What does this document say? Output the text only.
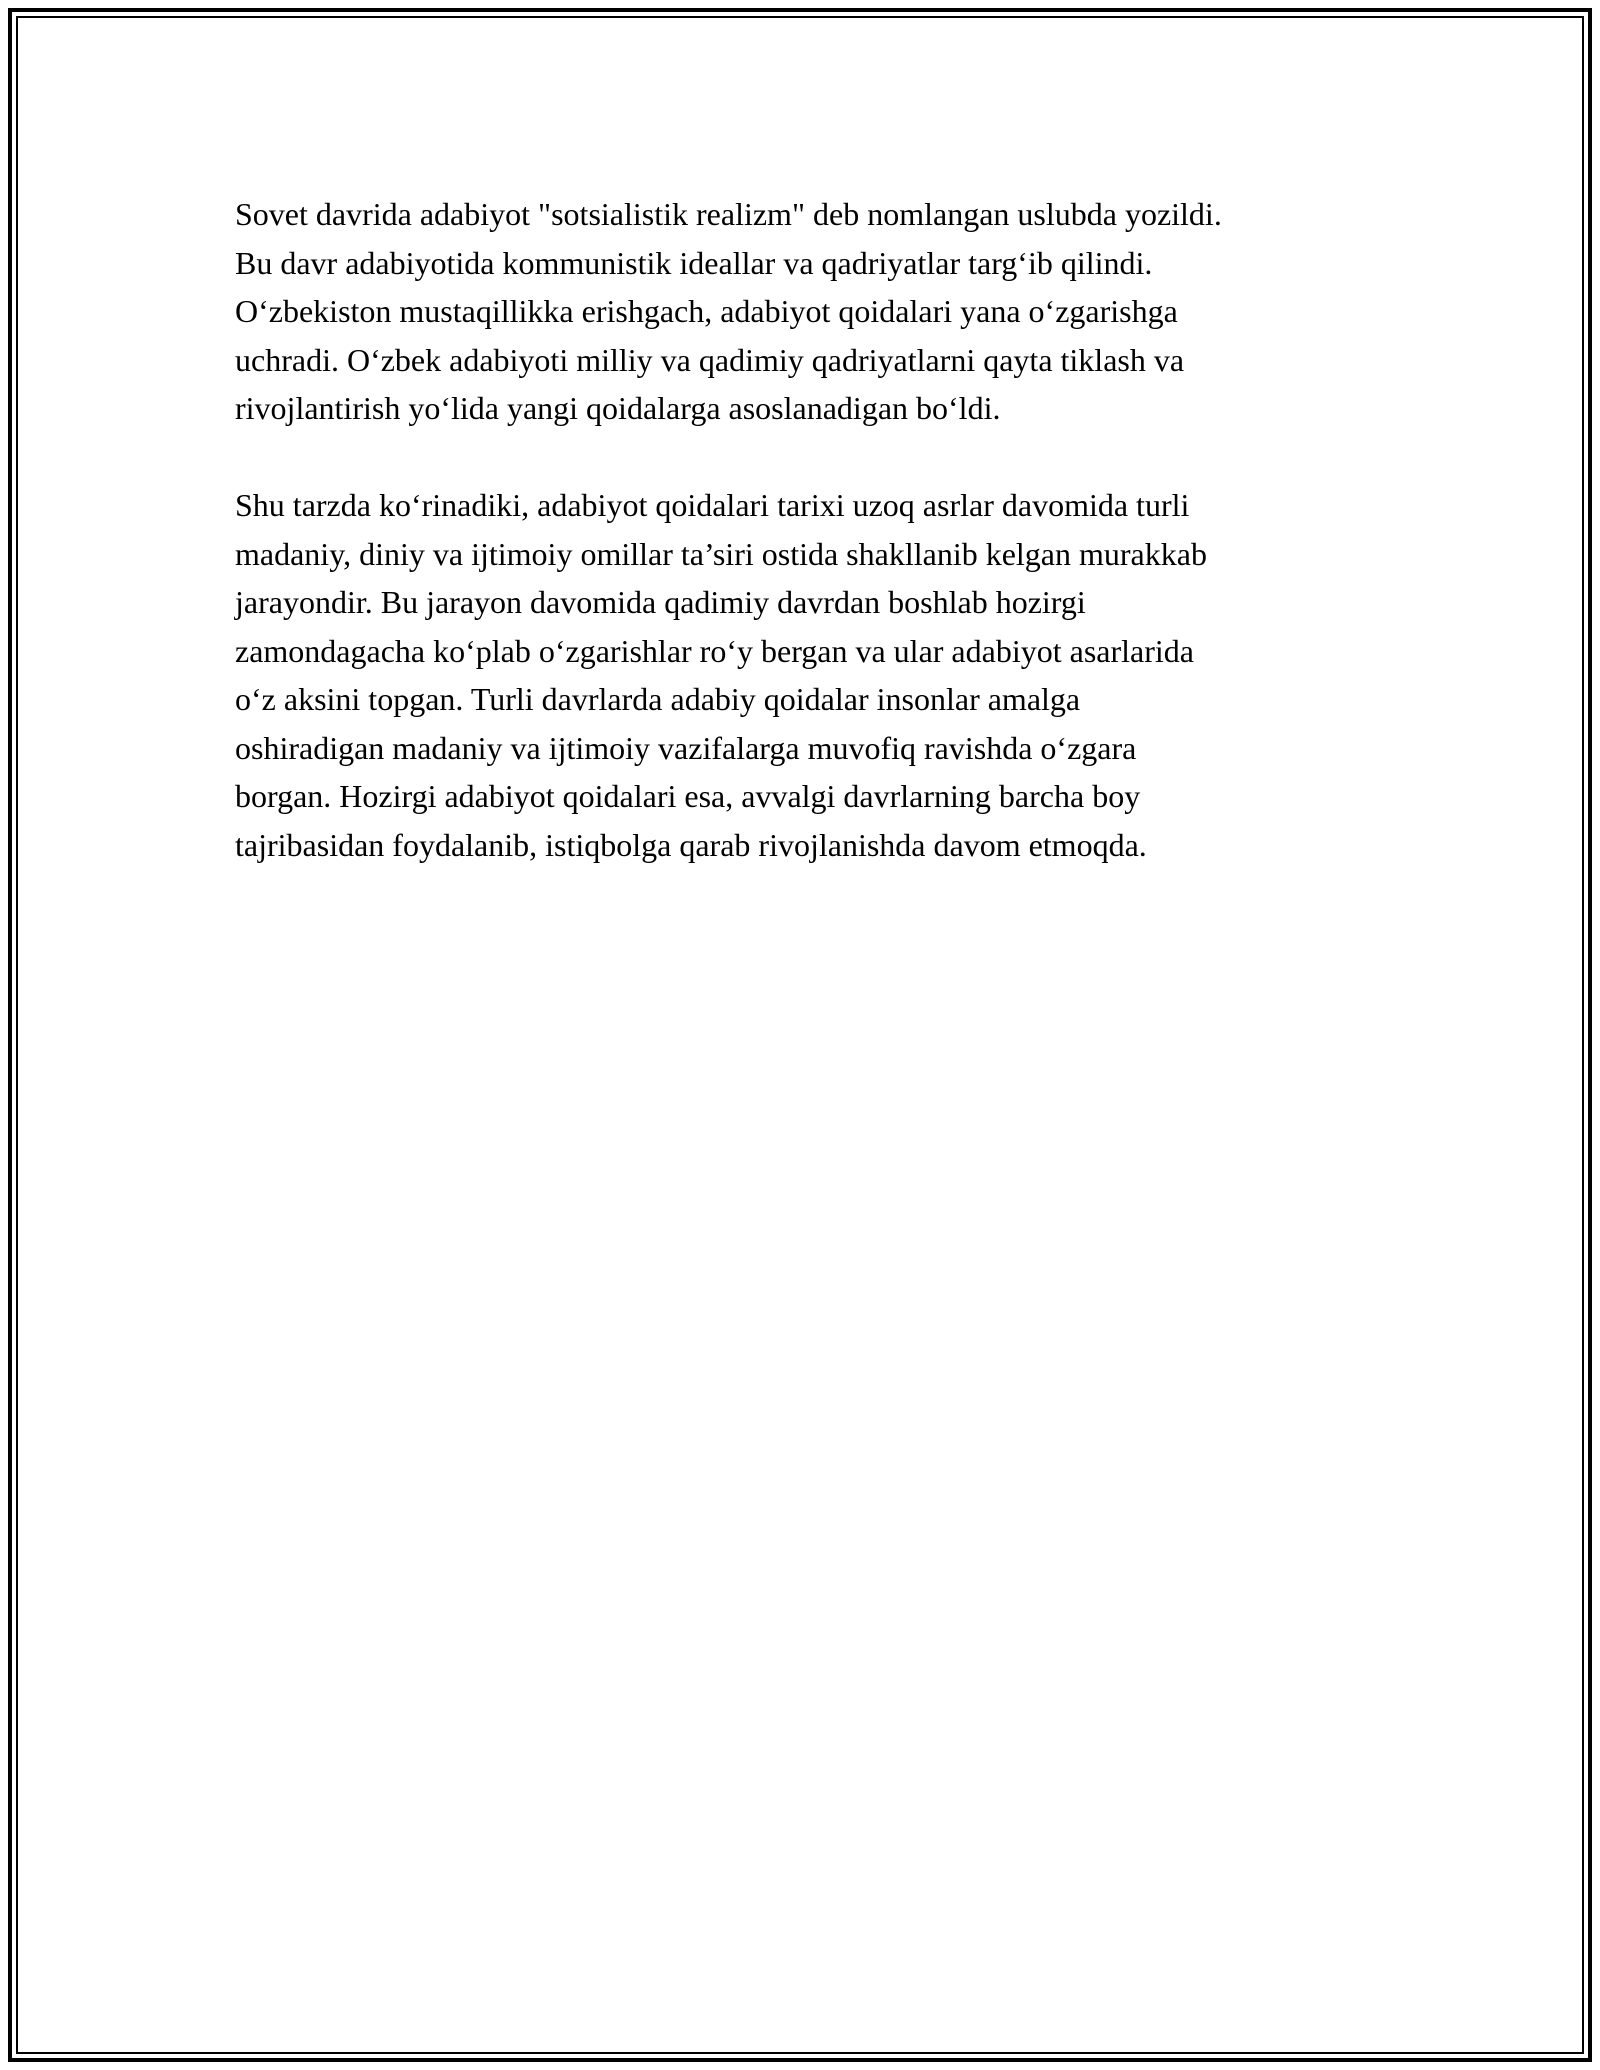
Sovet davrida adabiyot "sotsialistik realizm" deb nomlangan uslubda yozildi.
Bu davr adabiyotida kommunistik ideallar va qadriyatlar targ‘ib qilindi.
O‘zbekiston mustaqillikka erishgach, adabiyot qoidalari yana o‘zgarishga
uchradi. O‘zbek adabiyoti milliy va qadimiy qadriyatlarni qayta tiklash va
rivojlantirish yo‘lida yangi qoidalarga asoslanadigan bo‘ldi.

Shu tarzda ko‘rinadiki, adabiyot qoidalari tarixi uzoq asrlar davomida turli
madaniy, diniy va ijtimoiy omillar ta’siri ostida shakllanib kelgan murakkab
jarayondir. Bu jarayon davomida qadimiy davrdan boshlab hozirgi
zamondagacha ko‘plab o‘zgarishlar ro‘y bergan va ular adabiyot asarlarida
o‘z aksini topgan. Turli davrlarda adabiy qoidalar insonlar amalga
oshiradigan madaniy va ijtimoiy vazifalarga muvofiq ravishda o‘zgara
borgan. Hozirgi adabiyot qoidalari esa, avvalgi davrlarning barcha boy
tajribasidan foydalanib, istiqbolga qarab rivojlanishda davom etmoqda.
